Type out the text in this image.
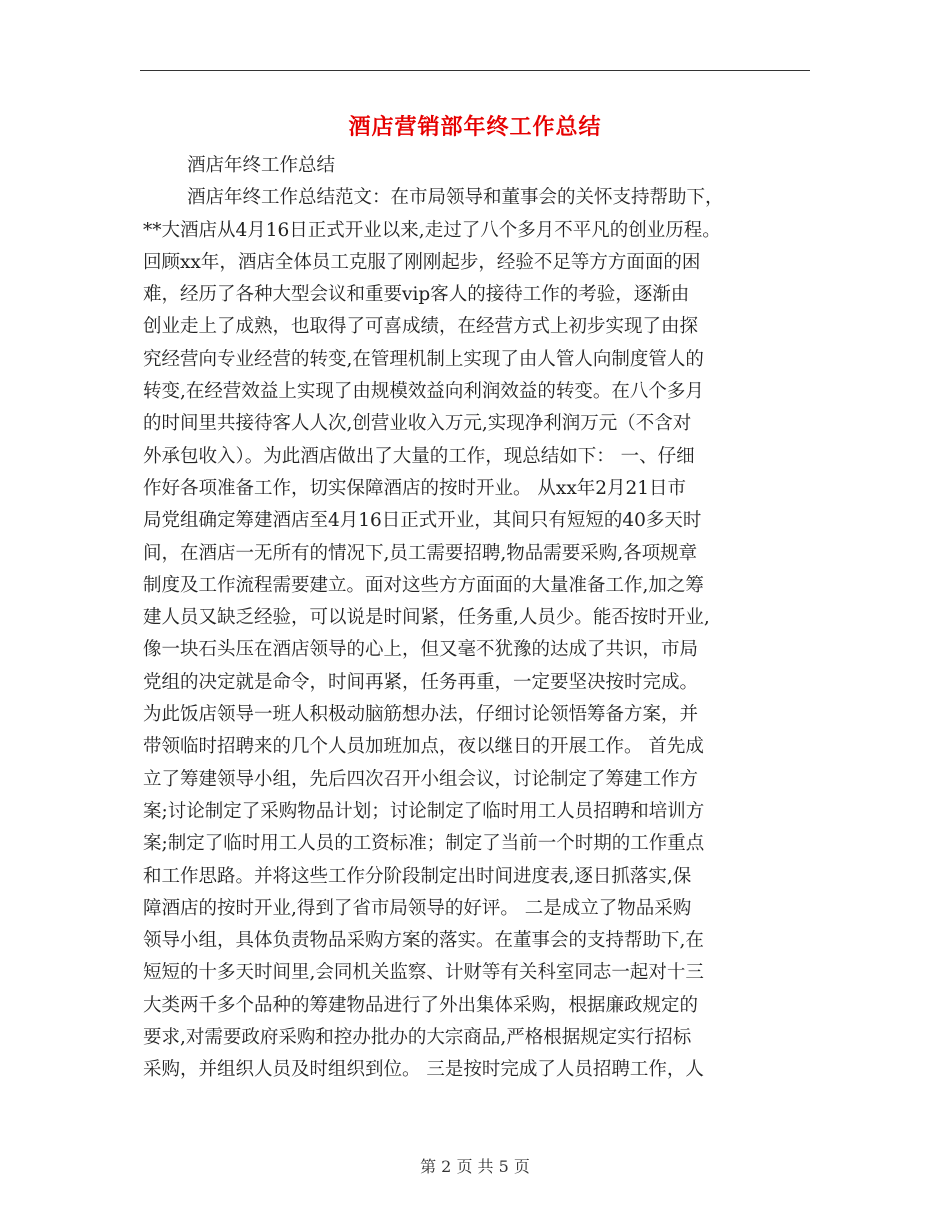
酒店营销部年终工作总结
酒店年终工作总结
酒店年终工作总结范文：在市局领导和董事会的关怀支持帮助下，
**大酒店从4月16日正式开业以来,走过了八个多月不平凡的创业历程。
回顾xx年，酒店全体员工克服了刚刚起步，经验不足等方方面面的困
难，经历了各种大型会议和重要vip客人的接待工作的考验，逐渐由
创业走上了成熟，也取得了可喜成绩，在经营方式上初步实现了由探
究经营向专业经营的转变,在管理机制上实现了由人管人向制度管人的
转变,在经营效益上实现了由规模效益向利润效益的转变。在八个多月
的时间里共接待客人人次,创营业收入万元,实现净利润万元（不含对
外承包收入）。为此酒店做出了大量的工作，现总结如下： 一、仔细
作好各项准备工作，切实保障酒店的按时开业。 从xx年2月21日市
局党组确定筹建酒店至4月16日正式开业，其间只有短短的40多天时
间，在酒店一无所有的情况下,员工需要招聘,物品需要采购,各项规章
制度及工作流程需要建立。面对这些方方面面的大量准备工作,加之筹
建人员又缺乏经验，可以说是时间紧，任务重,人员少。能否按时开业,
像一块石头压在酒店领导的心上，但又毫不犹豫的达成了共识，市局
党组的决定就是命令，时间再紧，任务再重，一定要坚决按时完成。
为此饭店领导一班人积极动脑筋想办法，仔细讨论领悟筹备方案，并
带领临时招聘来的几个人员加班加点，夜以继日的开展工作。 首先成
立了筹建领导小组，先后四次召开小组会议，讨论制定了筹建工作方
案;讨论制定了采购物品计划；讨论制定了临时用工人员招聘和培训方
案;制定了临时用工人员的工资标准；制定了当前一个时期的工作重点
和工作思路。并将这些工作分阶段制定出时间进度表,逐日抓落实,保
障酒店的按时开业,得到了省市局领导的好评。 二是成立了物品采购
领导小组，具体负责物品采购方案的落实。在董事会的支持帮助下,在
短短的十多天时间里,会同机关监察、计财等有关科室同志一起对十三
大类两千多个品种的筹建物品进行了外出集体采购，根据廉政规定的
要求,对需要政府采购和控办批办的大宗商品,严格根据规定实行招标
采购，并组织人员及时组织到位。 三是按时完成了人员招聘工作，人
第 2 页 共 5 页
